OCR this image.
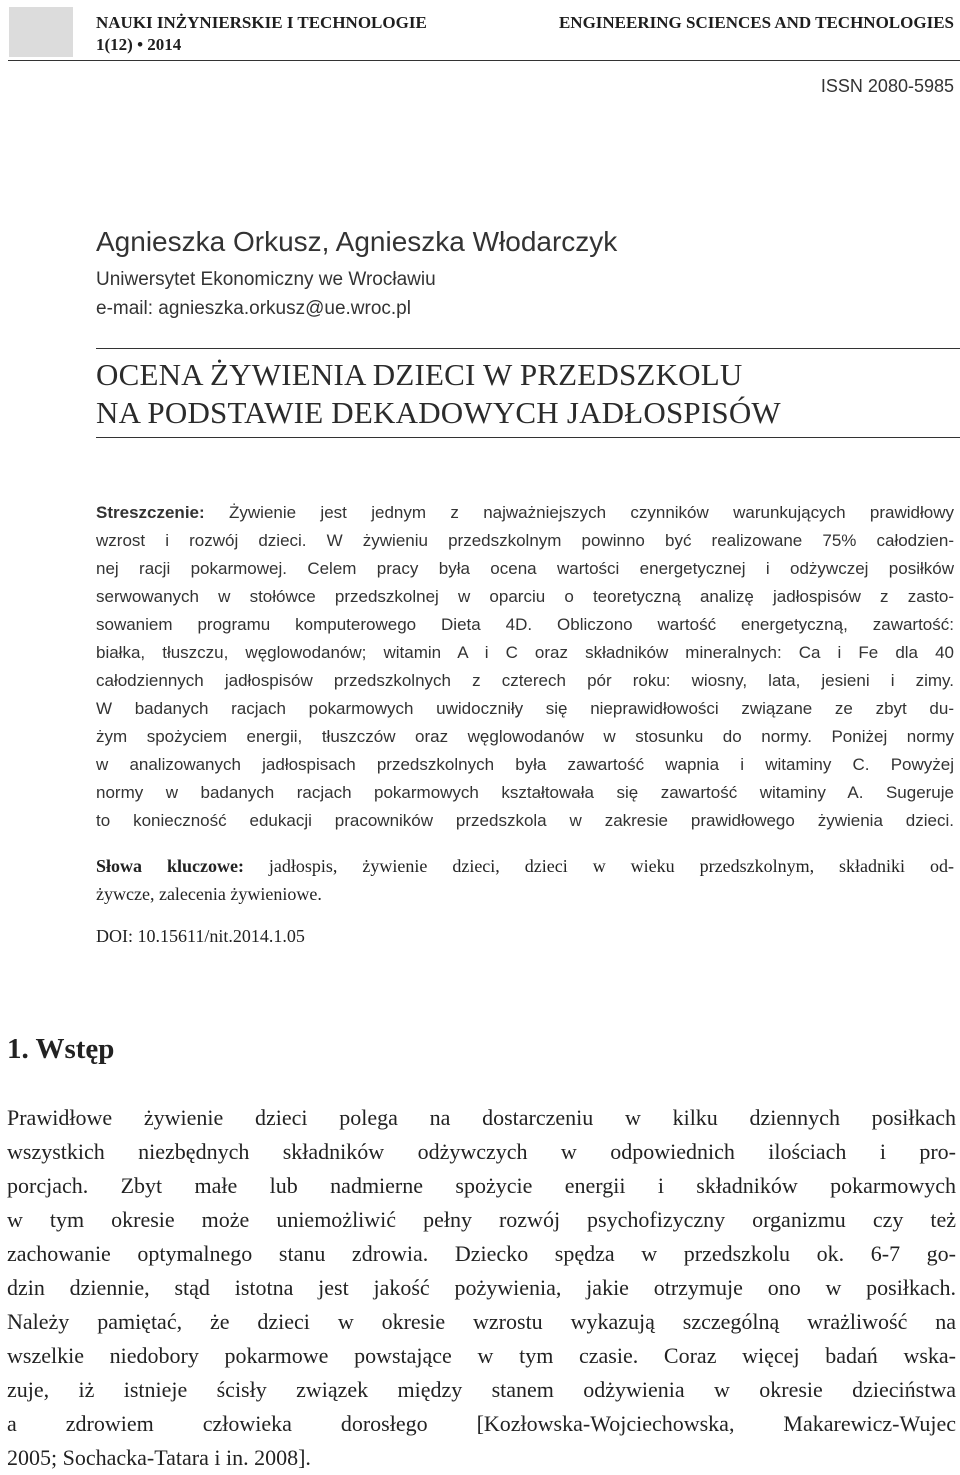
NAUKI INŻYNIERSKIE I TECHNOLOGIE
1(12) • 2014
ENGINEERING SCIENCES AND TECHNOLOGIES
ISSN 2080-5985
Agnieszka Orkusz, Agnieszka Włodarczyk
Uniwersytet Ekonomiczny we Wrocławiu
e-mail: agnieszka.orkusz@ue.wroc.pl
OCENA ŻYWIENIA DZIECI W PRZEDSZKOLU
NA PODSTAWIE DEKADOWYCH JADŁOSPISÓW
Streszczenie: Żywienie jest jednym z najważniejszych czynników warunkujących prawidłowy
wzrost i rozwój dzieci. W żywieniu przedszkolnym powinno być realizowane 75% całodzien-
nej racji pokarmowej. Celem pracy była ocena wartości energetycznej i odżywczej posiłków
serwowanych w stołówce przedszkolnej w oparciu o teoretyczną analizę jadłospisów z zasto-
sowaniem programu komputerowego Dieta 4D. Obliczono wartość energetyczną, zawartość:
białka, tłuszczu, węglowodanów; witamin A i C oraz składników mineralnych: Ca i Fe dla 40
całodziennych jadłospisów przedszkolnych z czterech pór roku: wiosny, lata, jesieni i zimy.
W badanych racjach pokarmowych uwidoczniły się nieprawidłowości związane ze zbyt du-
żym spożyciem energii, tłuszczów oraz węglowodanów w stosunku do normy. Poniżej normy
w analizowanych jadłospisach przedszkolnych była zawartość wapnia i witaminy C. Powyżej
normy w badanych racjach pokarmowych kształtowała się zawartość witaminy A. Sugeruje
to konieczność edukacji pracowników przedszkola w zakresie prawidłowego żywienia dzieci.
Słowa kluczowe: jadłospis, żywienie dzieci, dzieci w wieku przedszkolnym, składniki od-
żywcze, zalecenia żywieniowe.
DOI: 10.15611/nit.2014.1.05
1. Wstęp
Prawidłowe żywienie dzieci polega na dostarczeniu w kilku dziennych posiłkach
wszystkich niezbędnych składników odżywczych w odpowiednich ilościach i pro-
porcjach. Zbyt małe lub nadmierne spożycie energii i składników pokarmowych
w tym okresie może uniemożliwić pełny rozwój psychofizyczny organizmu czy też
zachowanie optymalnego stanu zdrowia. Dziecko spędza w przedszkolu ok. 6-7 go-
dzin dziennie, stąd istotna jest jakość pożywienia, jakie otrzymuje ono w posiłkach.
Należy pamiętać, że dzieci w okresie wzrostu wykazują szczególną wrażliwość na
wszelkie niedobory pokarmowe powstające w tym czasie. Coraz więcej badań wska-
zuje, iż istnieje ścisły związek między stanem odżywienia w okresie dzieciństwa
a zdrowiem człowieka dorosłego [Kozłowska-Wojciechowska, Makarewicz-Wujec
2005; Sochacka-Tatara i in. 2008].
